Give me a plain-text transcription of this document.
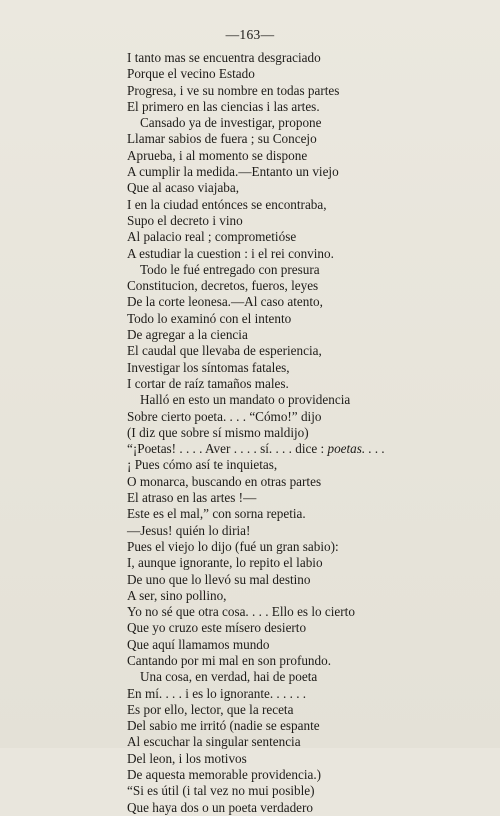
—163—
I tanto mas se encuentra desgraciado
Porque el vecino Estado
Progresa, i ve su nombre en todas partes
El primero en las ciencias i las artes.
Cansado ya de investigar, propone
Llamar sabios de fuera ; su Concejo
Aprueba, i al momento se dispone
A cumplir la medida.—Entanto un viejo
Que al acaso viajaba,
I en la ciudad entónces se encontraba,
Supo el decreto i vino
Al palacio real ; comprometióse
A estudiar la cuestion : i el rei convino.
Todo le fué entregado con presura
Constitucion, decretos, fueros, leyes
De la corte leonesa.—Al caso atento,
Todo lo examinó con el intento
De agregar a la ciencia
El caudal que llevaba de esperiencia,
Investigar los síntomas fatales,
I cortar de raíz tamaños males.
Halló en esto un mandato o providencia
Sobre cierto poeta. . . . “Cómo!” dijo
(I diz que sobre sí mismo maldijo)
“¡Poetas! . . . . Aver . . . . sí. . . . dice : poetas. . . .
¡ Pues cómo así te inquietas,
O monarca, buscando en otras partes
El atraso en las artes !—
Este es el mal,” con sorna repetia.
—Jesus! quién lo diria!
Pues el viejo lo dijo (fué un gran sabio):
I, aunque ignorante, lo repito el labio
De uno que lo llevó su mal destino
A ser, sino pollino,
Yo no sé que otra cosa. . . . Ello es lo cierto
Que yo cruzo este mísero desierto
Que aquí llamamos mundo
Cantando por mi mal en son profundo.
Una cosa, en verdad, hai de poeta
En mí. . . . i es lo ignorante. . . . . .
Es por ello, lector, que la receta
Del sabio me irritó (nadie se espante
Al escuchar la singular sentencia
Del leon, i los motivos
De aquesta memorable providencia.)
“Si es útil (i tal vez no mui posible)
Que haya dos o un poeta verdadero
